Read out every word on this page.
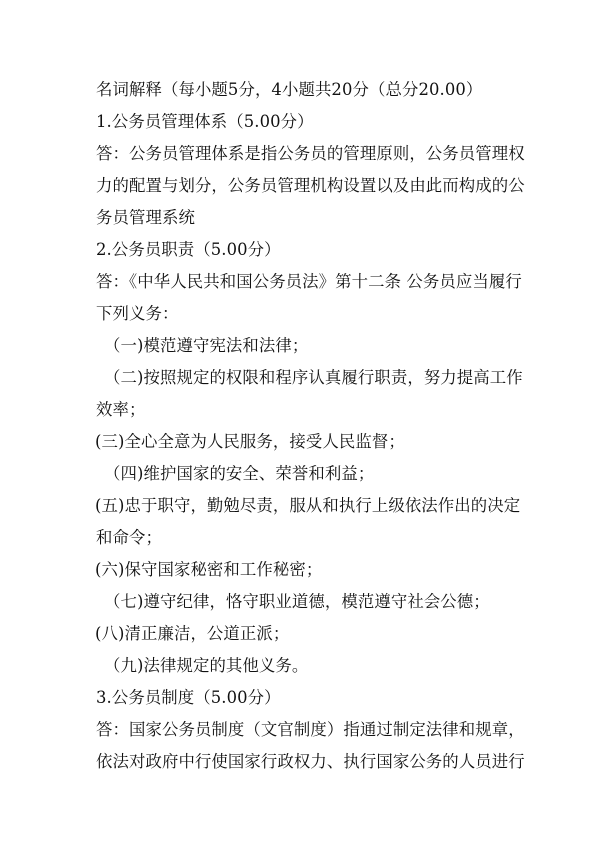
名词解释（每小题5分，4小题共20分（总分20.00）
1.公务员管理体系（5.00分）
答：公务员管理体系是指公务员的管理原则，公务员管理权
力的配置与划分，公务员管理机构设置以及由此而构成的公
务员管理系统
2.公务员职责（5.00分）
答：《中华人民共和国公务员法》第十二条 公务员应当履行
下列义务：
（一)模范遵守宪法和法律；
（二)按照规定的权限和程序认真履行职责，努力提高工作
效率；
(三)全心全意为人民服务，接受人民监督；
（四)维护国家的安全、荣誉和利益；
(五)忠于职守，勤勉尽责，服从和执行上级依法作出的决定
和命令；
(六)保守国家秘密和工作秘密；
（七)遵守纪律，恪守职业道德，模范遵守社会公德；
(八)清正廉洁，公道正派；
（九)法律规定的其他义务。
3.公务员制度（5.00分）
答：国家公务员制度（文官制度）指通过制定法律和规章，
依法对政府中行使国家行政权力、执行国家公务的人员进行
